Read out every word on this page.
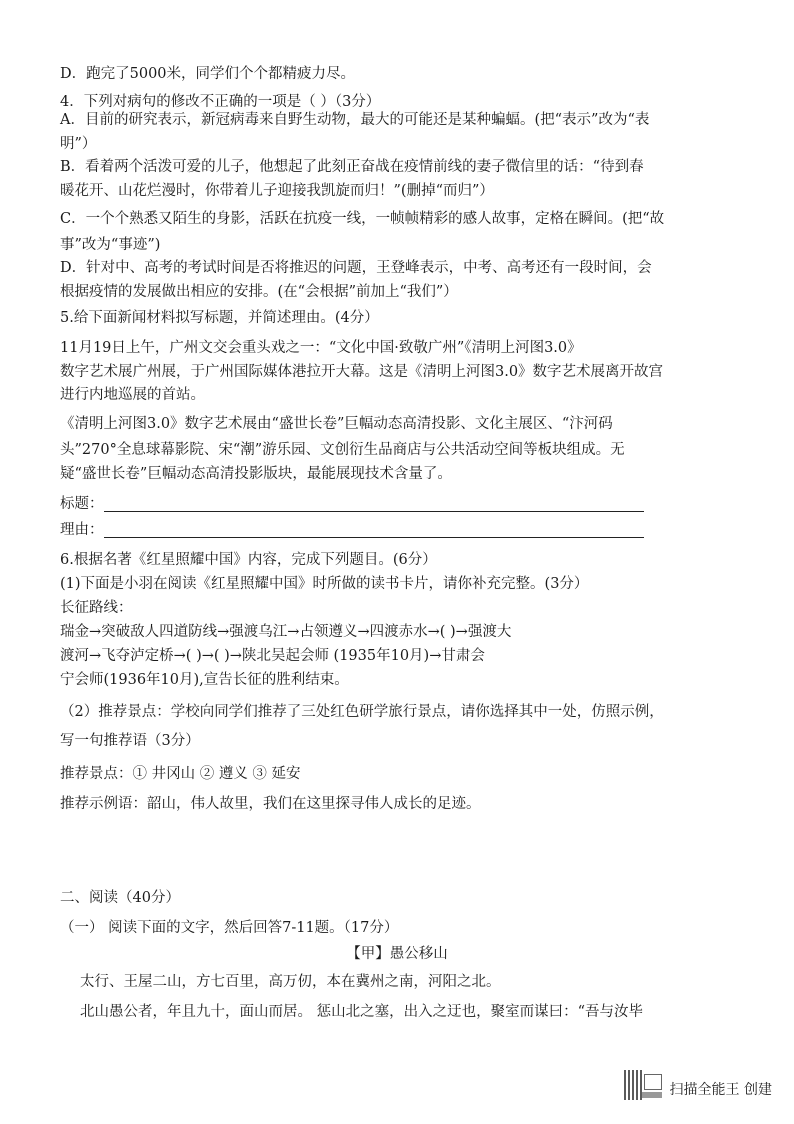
D．跑完了5000米，同学们个个都精疲力尽。
4．下列对病句的修改不正确的一项是（ ）（3分）
A．目前的研究表示，新冠病毒来自野生动物，最大的可能还是某种蝙蝠。(把“表示”改为“表
明”）
B．看着两个活泼可爱的儿子，他想起了此刻正奋战在疫情前线的妻子微信里的话：“待到春
暖花开、山花烂漫时，你带着儿子迎接我凯旋而归！”(删掉“而归”）
C．一个个熟悉又陌生的身影，活跃在抗疫一线，一帧帧精彩的感人故事，定格在瞬间。(把“故
事”改为“事迹”)
D．针对中、高考的考试时间是否将推迟的问题，王登峰表示，中考、高考还有一段时间，会
根据疫情的发展做出相应的安排。(在“会根据”前加上“我们”）
5.给下面新闻材料拟写标题，并简述理由。(4分）
11月19日上午，广州文交会重头戏之一：“文化中国·致敬广州”《清明上河图3.0》
数字艺术展广州展，于广州国际媒体港拉开大幕。这是《清明上河图3.0》数字艺术展离开故宫
进行内地巡展的首站。
《清明上河图3.0》数字艺术展由“盛世长卷”巨幅动态高清投影、文化主展区、“汴河码
头”270°全息球幕影院、宋“潮”游乐园、文创衍生品商店与公共活动空间等板块组成。无
疑“盛世长卷”巨幅动态高清投影版块，最能展现技术含量了。
标题：
理由：
6.根据名著《红星照耀中国》内容，完成下列题目。(6分）
(1)下面是小羽在阅读《红星照耀中国》时所做的读书卡片，请你补充完整。(3分）
长征路线：
瑞金→突破敌人四道防线→强渡乌江→占领遵义→四渡赤水→( )→强渡大
渡河→飞夺泸定桥→( )→( )→陕北吴起会师 (1935年10月)→甘肃会
宁会师(1936年10月),宣告长征的胜利结束。
（2）推荐景点：学校向同学们推荐了三处红色研学旅行景点，请你选择其中一处，仿照示例，
写一句推荐语（3分）
推荐景点：① 井冈山 ② 遵义 ③ 延安
推荐示例语：韶山，伟人故里，我们在这里探寻伟人成长的足迹。
二、阅读（40分）
（一） 阅读下面的文字，然后回答7-11题。（17分）
【甲】愚公移山
太行、王屋二山，方七百里，高万仞，本在冀州之南，河阳之北。
北山愚公者，年且九十，面山而居。 惩山北之塞，出入之迂也，聚室而谋曰：“吾与汝毕
扫描全能王 创建
